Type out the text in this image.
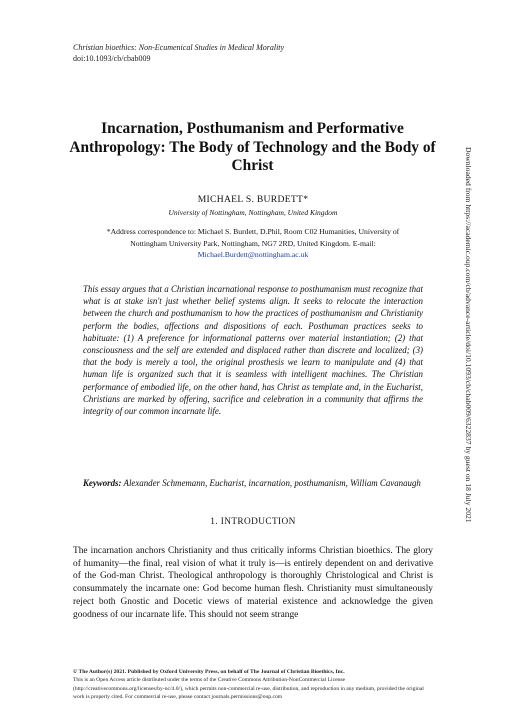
Christian bioethics: Non-Ecumenical Studies in Medical Morality
doi:10.1093/cb/cbab009
Incarnation, Posthumanism and Performative Anthropology: The Body of Technology and the Body of Christ
MICHAEL S. BURDETT*
University of Nottingham, Nottingham, United Kingdom
*Address correspondence to: Michael S. Burdett, D.Phil, Room C02 Humanities, University of Nottingham University Park, Nottingham, NG7 2RD, United Kingdom. E-mail: Michael.Burdett@nottingham.ac.uk
This essay argues that a Christian incarnational response to posthumanism must recognize that what is at stake isn't just whether belief systems align. It seeks to relocate the interaction between the church and posthumanism to how the practices of posthumanism and Christianity perform the bodies, affections and dispositions of each. Posthuman practices seeks to habituate: (1) A preference for informational patterns over material instantiation; (2) that consciousness and the self are extended and displaced rather than discrete and localized; (3) that the body is merely a tool, the original prosthesis we learn to manipulate and (4) that human life is organized such that it is seamless with intelligent machines. The Christian performance of embodied life, on the other hand, has Christ as template and, in the Eucharist, Christians are marked by offering, sacrifice and celebration in a community that affirms the integrity of our common incarnate life.
Keywords: Alexander Schmemann, Eucharist, incarnation, posthumanism, William Cavanaugh
1. INTRODUCTION
The incarnation anchors Christianity and thus critically informs Christian bioethics. The glory of humanity—the final, real vision of what it truly is—is entirely dependent on and derivative of the God-man Christ. Theological anthropology is thoroughly Christological and Christ is consummately the incarnate one: God become human flesh. Christianity must simultaneously reject both Gnostic and Docetic views of material existence and acknowledge the given goodness of our incarnate life. This should not seem strange
© The Author(s) 2021. Published by Oxford University Press, on behalf of The Journal of Christian Bioethics, Inc.
This is an Open Access article distributed under the terms of the Creative Commons Attribution-NonCommercial License (http://creativecommons.org/licenses/by-nc/4.0/), which permits non-commercial re-use, distribution, and reproduction in any medium, provided the original work is properly cited. For commercial re-use, please contact journals.permissions@oup.com
Downloaded from https://academic.oup.com/cb/advance-article/doi/10.1093/cb/cbab009/6322837 by guest on 18 July 2021
